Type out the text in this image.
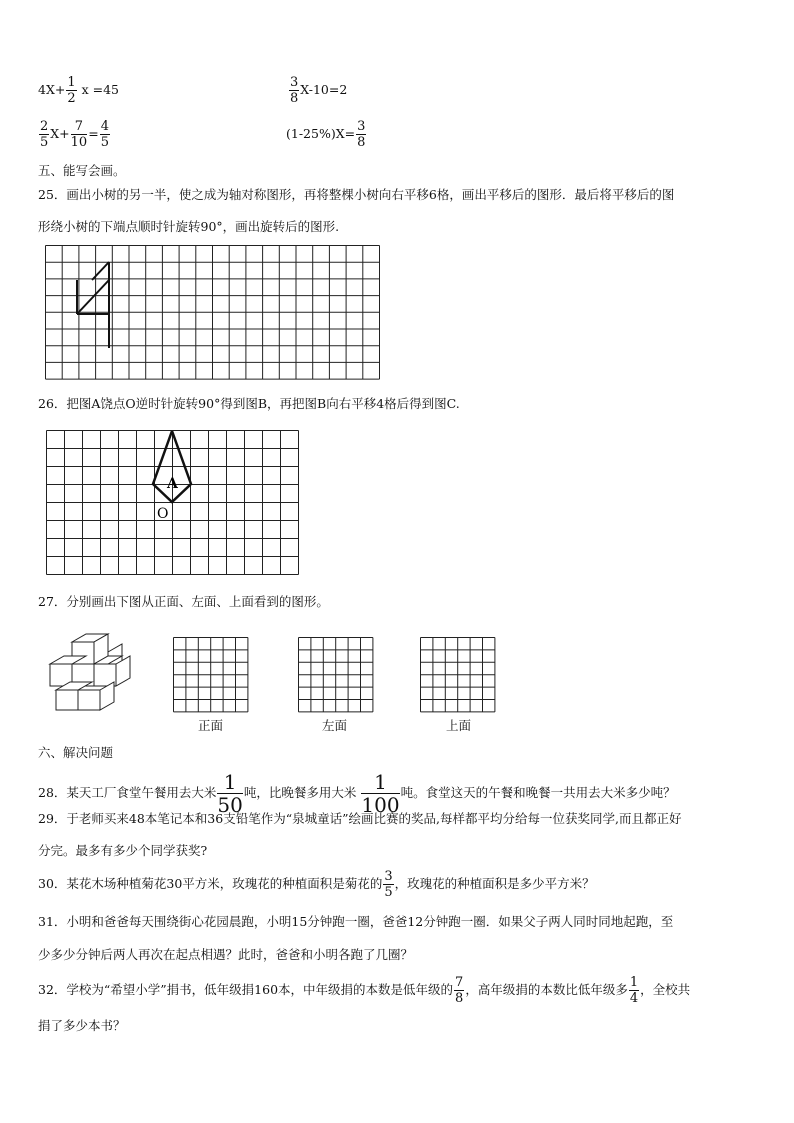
$4X+ \frac{1}{2}$ x =45	$\frac{3}{8} X-10=2$
$\frac{2}{5} X+ \frac{7}{10} = \frac{4}{5}$	$(1-25\%)X= \frac{3}{8}$
五、能写会画。
25．画出小树的另一半，使之成为轴对称图形，再将整棵小树向右平移6格，画出平移后的图形．最后将平移后的图
形绕小树的下端点顺时针旋转90°，画出旋转后的图形.
26．把图A饶点O逆时针旋转90°得到图B，再把图B向右平移4格后得到图C.
A
O
27．分别画出下图从正面、左面、上面看到的图形。
正面	左面	上面
六、解决问题
28．某天工厂食堂午餐用去大米 $\frac{1}{50}$ 吨，比晚餐多用大米 $\frac{1}{100}$ 吨。食堂这天的午餐和晚餐一共用去大米多少吨？
29．于老师买来48本笔记本和36支铅笔作为“泉城童话”绘画比赛的奖品,每样都平均分给每一位获奖同学,而且都正好
分完。最多有多少个同学获奖?
30．某花木场种植菊花30平方米，玫瑰花的种植面积是菊花的 $\frac{3}{5}$ ，玫瑰花的种植面积是多少平方米？
31．小明和爸爸每天围绕街心花园晨跑，小明15分钟跑一圈，爸爸12分钟跑一圈．如果父子两人同时同地起跑，至
少多少分钟后两人再次在起点相遇？此时，爸爸和小明各跑了几圈？
32．学校为“希望小学”捐书，低年级捐160本，中年级捐的本数是低年级的 $\frac{7}{8}$ ，高年级捐的本数比低年级多 $\frac{1}{4}$ ，全校共
捐了多少本书？
